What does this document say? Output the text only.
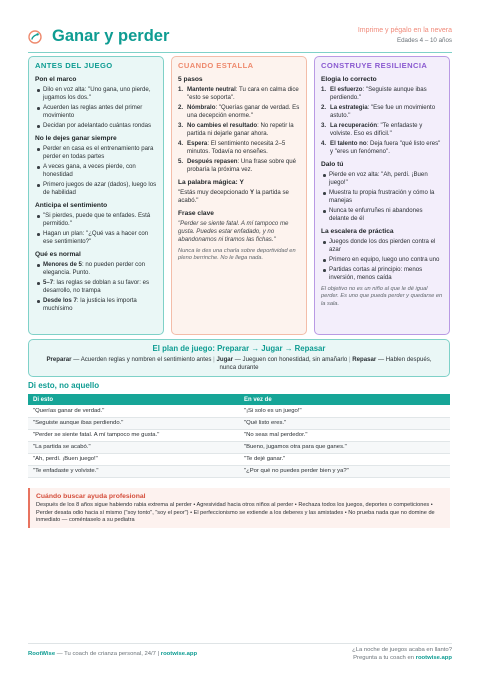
Ganar y perder	Imprime y pégalo en la nevera
Edades 4 – 10 años
ANTES DEL JUEGO
Pon el marco
Dilo en voz alta: "Uno gana, uno pierde, jugamos los dos."
Acuerden las reglas antes del primer movimiento
Decidan por adelantado cuántas rondas
No le dejes ganar siempre
Perder en casa es el entrenamiento para perder en todas partes
A veces gana, a veces pierde, con honestidad
Primero juegos de azar (dados), luego los de habilidad
Anticipa el sentimiento
"Si pierdes, puede que te enfades. Está permitido."
Hagan un plan: "¿Qué vas a hacer con ese sentimiento?"
Qué es normal
Menores de 5: no pueden perder con elegancia. Punto.
5–7: las reglas se doblan a su favor: es desarrollo, no trampa
Desde los 7: la justicia les importa muchísimo
CUANDO ESTALLA
5 pasos
1. Mantente neutral: Tu cara en calma dice "esto se soporta".
2. Nómbralo: "Querías ganar de verdad. Es una decepción enorme."
3. No cambies el resultado: No repetir la partida ni dejarle ganar ahora.
4. Espera: El sentimiento necesita 2–5 minutos. Todavía no enseñes.
5. Después repasen: Una frase sobre qué probaría la próxima vez.
La palabra mágica: Y
"Estás muy decepcionado Y la partida se acabó."
Frase clave
"Perder se siente fatal. A mí tampoco me gusta. Puedes estar enfadado, y no abandonamos ni tiramos las fichas."
Nunca le des una charla sobre deportividad en pleno berrinche. No le llega nada.
CONSTRUYE RESILIENCIA
Elogia lo correcto
1. El esfuerzo: "Seguiste aunque ibas perdiendo."
2. La estrategia: "Ese fue un movimiento astuto."
3. La recuperación: "Te enfadaste y volviste. Eso es difícil."
4. El talento no: Deja fuera "qué listo eres" y "eres un fenómeno".
Dalo tú
Pierde en voz alta: "Ah, perdí. ¡Buen juego!"
Muestra tu propia frustración y cómo la manejas
Nunca te enfurruñes ni abandones delante de él
La escalera de práctica
Juegos donde los dos pierden contra el azar
Primero en equipo, luego uno contra uno
Partidas cortas al principio: menos inversión, menos caída
El objetivo no es un niño al que le dé igual perder. Es uno que pueda perder y quedarse en la sala.
El plan de juego: Preparar → Jugar → Repasar
Preparar — Acuerden reglas y nombren el sentimiento antes | Jugar — Jueguen con honestidad, sin amañarlo | Repasar — Hablen después, nunca durante
Di esto, no aquello
Di esto	En vez de
"Querías ganar de verdad."	"¡Si solo es un juego!"
"Seguiste aunque ibas perdiendo."	"Qué listo eres."
"Perder se siente fatal. A mí tampoco me gusta."	"No seas mal perdedor."
"La partida se acabó."	"Bueno, jugamos otra para que ganes."
"Ah, perdí. ¡Buen juego!"	"Te dejé ganar."
"Te enfadaste y volviste."	"¿Por qué no puedes perder bien y ya?"
Cuándo buscar ayuda profesional
Después de los 8 años sigue habiendo rabia extrema al perder • Agresividad hacia otros niños al perder • Rechaza todos los juegos, deportes o competiciones • Perder desata odio hacia sí mismo ("soy tonto", "soy el peor") • El perfeccionismo se extiende a los deberes y las amistades • No prueba nada que no domine de inmediato — coméntaselo a su pediatra
RootWise — Tu coach de crianza personal, 24/7 | rootwise.app
¿La noche de juegos acaba en llanto?
Pregunta a tu coach en rootwise.app
